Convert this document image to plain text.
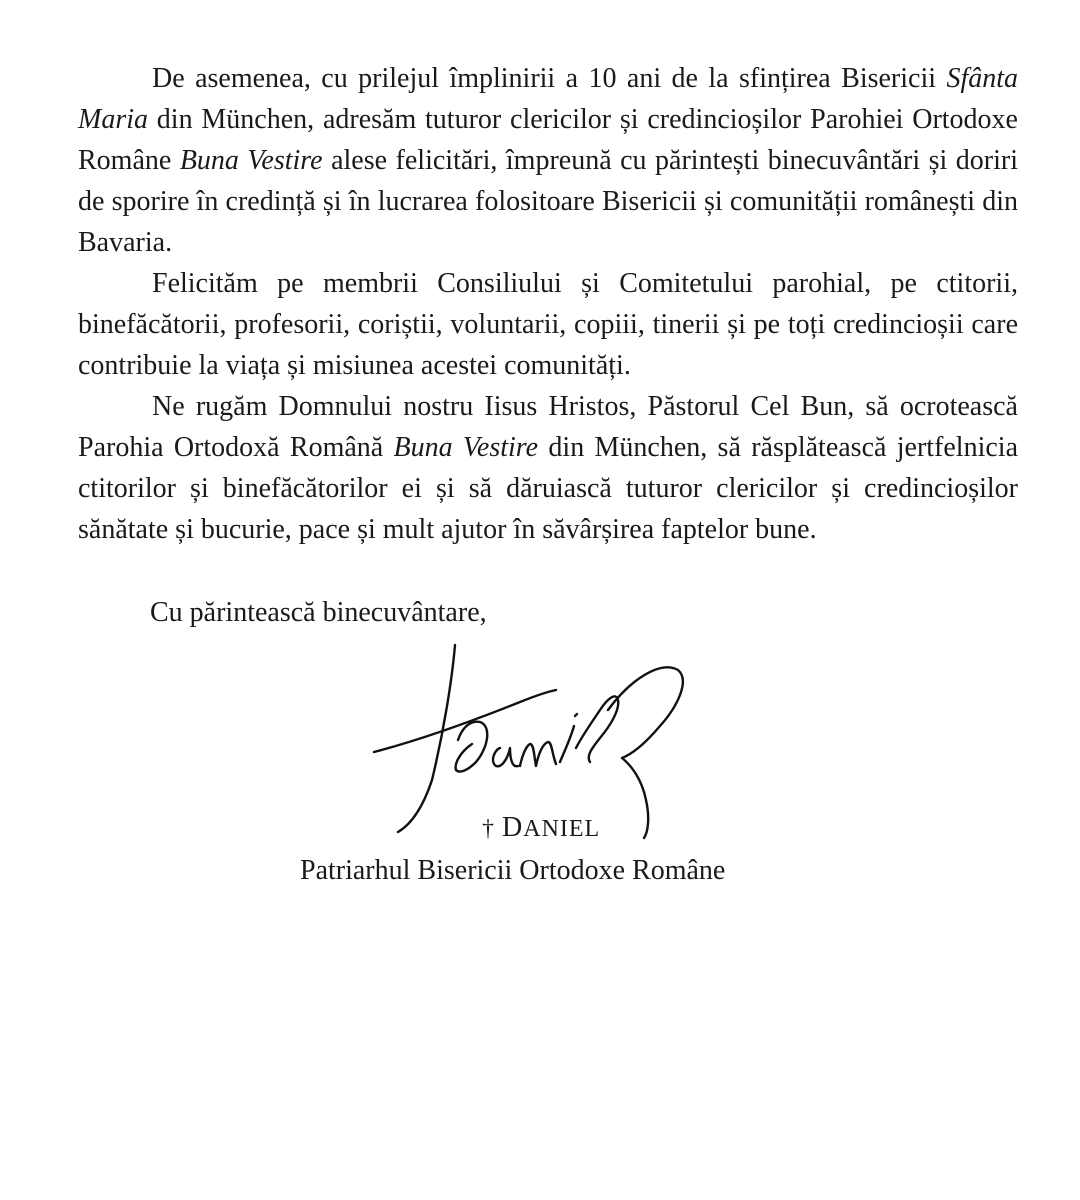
De asemenea, cu prilejul împlinirii a 10 ani de la sfințirea Bisericii Sfânta Maria din München, adresăm tuturor clericilor și credincioșilor Parohiei Ortodoxe Române Buna Vestire alese felicitări, împreună cu părintești binecuvântări și doriri de sporire în credință și în lucrarea folositoare Bisericii și comunității românești din Bavaria.

Felicităm pe membrii Consiliului și Comitetului parohial, pe ctitorii, binefăcătorii, profesorii, coriștii, voluntarii, copiii, tinerii și pe toți credincioșii care contribuie la viața și misiunea acestei comunități.

Ne rugăm Domnului nostru Iisus Hristos, Păstorul Cel Bun, să ocrotească Parohia Ortodoxă Română Buna Vestire din München, să răsplătească jertfelnicia ctitorilor și binefăcătorilor ei și să dăruiască tuturor clericilor și credincioșilor sănătate și bucurie, pace și mult ajutor în săvârșirea faptelor bune.

Cu părintească binecuvântare,
Daniel
† DANIEL
Patriarhul Bisericii Ortodoxe Române
